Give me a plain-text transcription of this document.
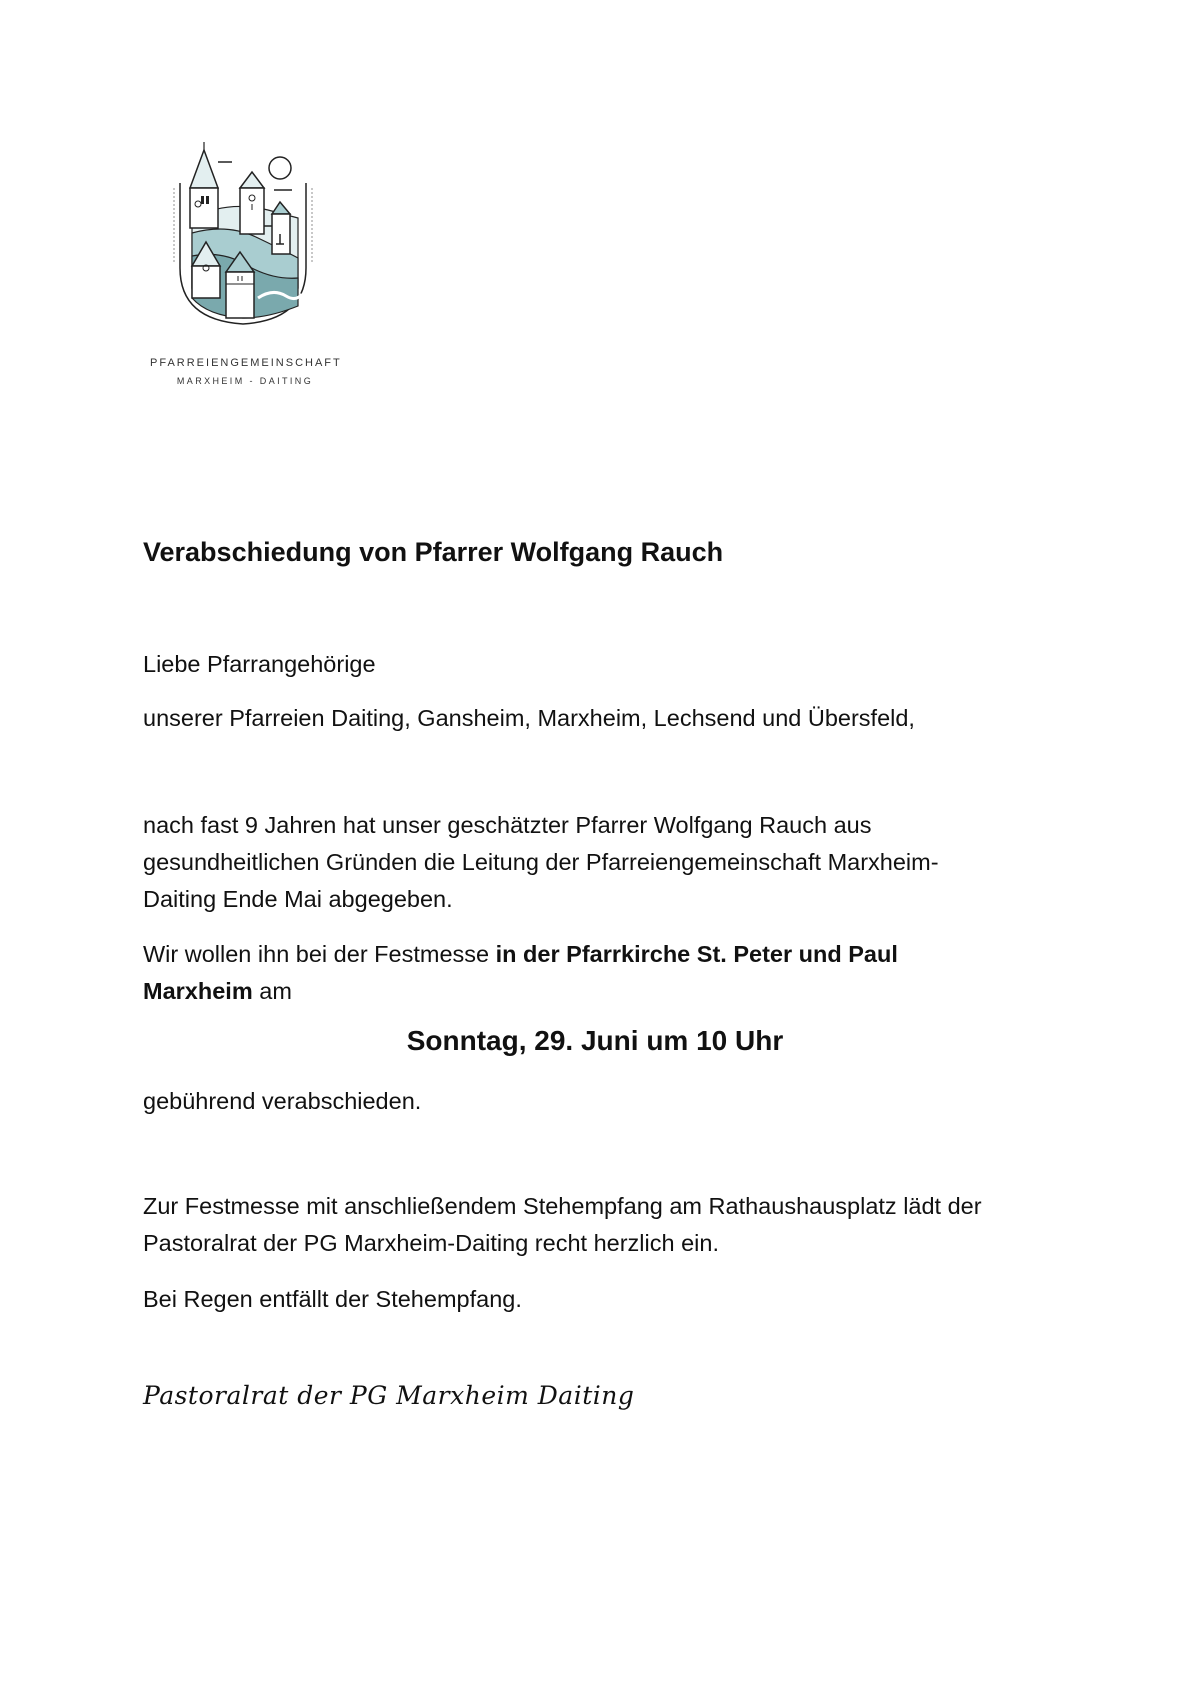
PFARREIENGEMEINSCHAFT
MARXHEIM - DAITING
Verabschiedung von Pfarrer Wolfgang Rauch
Liebe Pfarrangehörige
unserer Pfarreien Daiting, Gansheim, Marxheim, Lechsend und Übersfeld,
nach fast 9 Jahren hat unser geschätzter Pfarrer Wolfgang Rauch aus
gesundheitlichen Gründen die Leitung der Pfarreiengemeinschaft Marxheim-
Daiting Ende Mai abgegeben.
Wir wollen ihn bei der Festmesse in der Pfarrkirche St. Peter und Paul
Marxheim am
Sonntag, 29. Juni um 10 Uhr
gebührend verabschieden.
Zur Festmesse mit anschließendem Stehempfang am Rathaushausplatz lädt der
Pastoralrat der PG Marxheim-Daiting recht herzlich ein.
Bei Regen entfällt der Stehempfang.
Pastoralrat der PG Marxheim Daiting
